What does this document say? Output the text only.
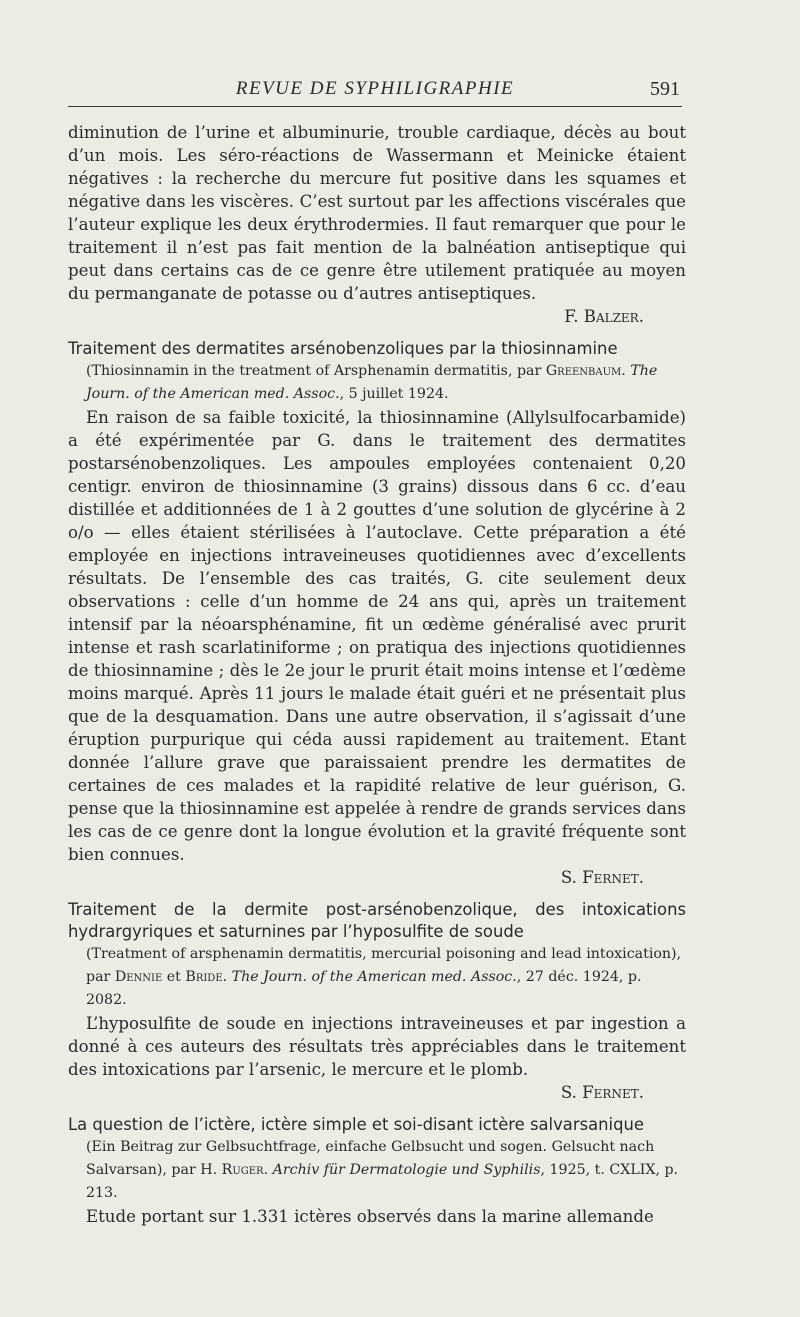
REVUE DE SYPHILIGRAPHIE	591

diminution de l’urine et albuminurie, trouble cardiaque, décès au bout d’un mois. Les séro-réactions de Wassermann et Meinicke étaient négatives : la recherche du mercure fut positive dans les squames et négative dans les viscères. C’est surtout par les affections viscérales que l’auteur explique les deux érythrodermies. Il faut remarquer que pour le traitement il n’est pas fait mention de la balnéation antiseptique qui peut dans certains cas de ce genre être utilement pratiquée au moyen du permanganate de potasse ou d’autres antiseptiques.

F. Balzer.

Traitement des dermatites arsénobenzoliques par la thiosinnamine
(Thiosinnamin in the treatment of Arsphenamin dermatitis, par Greenbaum. The Journ. of the American med. Assoc., 5 juillet 1924.

En raison de sa faible toxicité, la thiosinnamine (Allylsulfocarbamide) a été expérimentée par G. dans le traitement des dermatites postarsénobenzoliques. Les ampoules employées contenaient 0,20 centigr. environ de thiosinnamine (3 grains) dissous dans 6 cc. d’eau distillée et additionnées de 1 à 2 gouttes d’une solution de glycérine à 2 o/o — elles étaient stérilisées à l’autoclave. Cette préparation a été employée en injections intraveineuses quotidiennes avec d’excellents résultats. De l’ensemble des cas traités, G. cite seulement deux observations : celle d’un homme de 24 ans qui, après un traitement intensif par la néoarsphénamine, fit un œdème généralisé avec prurit intense et rash scarlatiniforme ; on pratiqua des injections quotidiennes de thiosinnamine ; dès le 2e jour le prurit était moins intense et l’œdème moins marqué. Après 11 jours le malade était guéri et ne présentait plus que de la desquamation. Dans une autre observation, il s’agissait d’une éruption purpurique qui céda aussi rapidement au traitement. Etant donnée l’allure grave que paraissaient prendre les dermatites de certaines de ces malades et la rapidité relative de leur guérison, G. pense que la thiosinnamine est appelée à rendre de grands services dans les cas de ce genre dont la longue évolution et la gravité fréquente sont bien connues.

S. Fernet.

Traitement de la dermite post-arsénobenzolique, des intoxications hydrargyriques et saturnines par l’hyposulfite de soude
(Treatment of arsphenamin dermatitis, mercurial poisoning and lead intoxication), par Dennie et Bride. The Journ. of the American med. Assoc., 27 déc. 1924, p. 2082.

L’hyposulfite de soude en injections intraveineuses et par ingestion a donné à ces auteurs des résultats très appréciables dans le traitement des intoxications par l’arsenic, le mercure et le plomb.

S. Fernet.

La question de l’ictère, ictère simple et soi-disant ictère salvarsanique
(Ein Beitrag zur Gelbsuchtfrage, einfache Gelbsucht und sogen. Gelsucht nach Salvarsan), par H. Ruger. Archiv für Dermatologie und Syphilis, 1925, t. CXLIX, p. 213.

Etude portant sur 1.331 ictères observés dans la marine allemande
